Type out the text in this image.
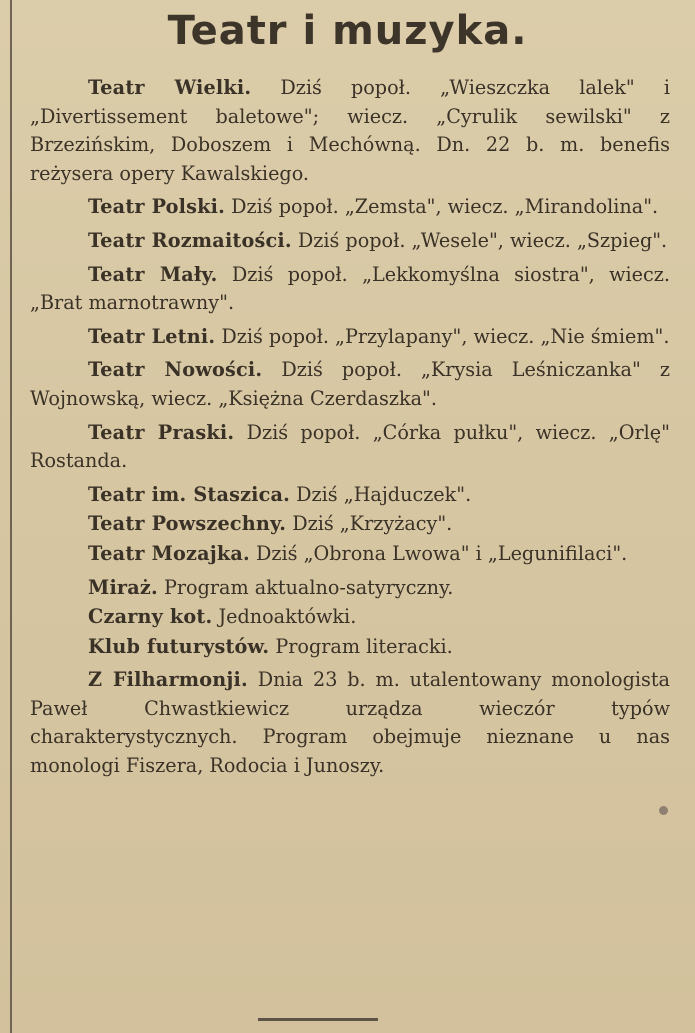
Teatr i muzyka.

Teatr Wielki. Dziś popoł. „Wieszczka lalek" i „Divertissement baletowe"; wiecz. „Cyrulik sewilski" z Brzezińskim, Doboszem i Mechówną. Dn. 22 b. m. benefis reżysera opery Kawalskiego.

Teatr Polski. Dziś popoł. „Zemsta", wiecz. „Mirandolina".

Teatr Rozmaitości. Dziś popoł. „Wesele", wiecz. „Szpieg".

Teatr Mały. Dziś popoł. „Lekkomyślna siostra", wiecz. „Brat marnotrawny".

Teatr Letni. Dziś popoł. „Przylapany", wiecz. „Nie śmiem".

Teatr Nowości. Dziś popoł. „Krysia Leśniczanka" z Wojnowską, wiecz. „Księżna Czerdaszka".

Teatr Praski. Dziś popoł. „Córka pułku", wiecz. „Orlę" Rostanda.

Teatr im. Staszica. Dziś „Hajduczek".

Teatr Powszechny. Dziś „Krzyżacy".

Teatr Mozajka. Dziś „Obrona Lwowa" i „Legunifilaci".

Miraż. Program aktualno-satyryczny.

Czarny kot. Jednoaktówki.

Klub futurystów. Program literacki.

Z Filharmonji. Dnia 23 b. m. utalentowany monologista Paweł Chwastkiewicz urządza wieczór typów charakterystycznych. Program obejmuje nieznane u nas monologi Fiszera, Rodocia i Junoszy.
